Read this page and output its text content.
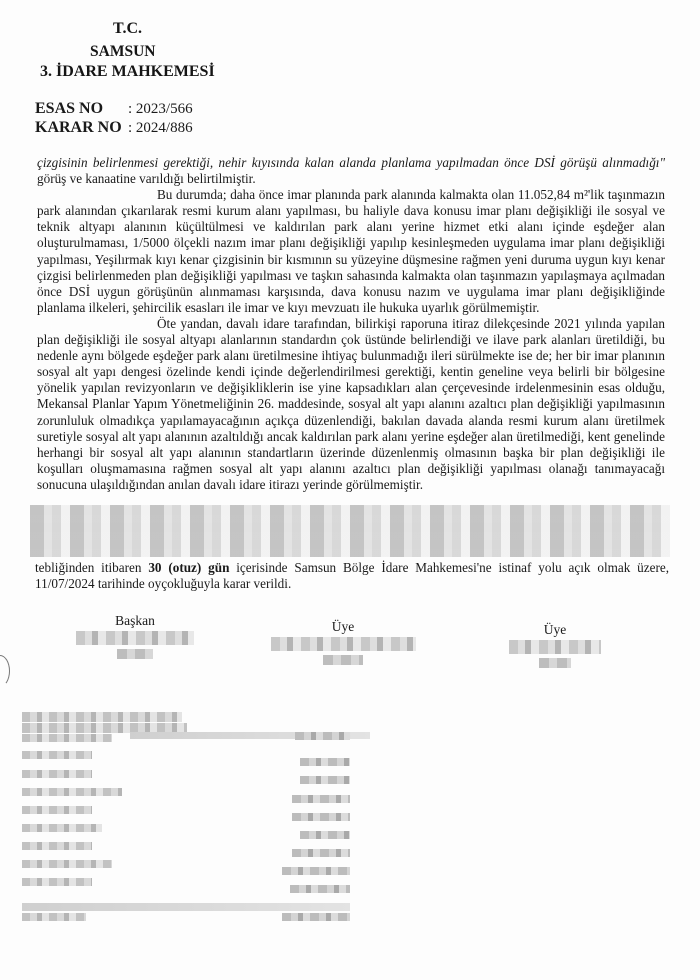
T.C.
SAMSUN
3. İDARE MAHKEMESİ
ESAS NO : 2023/566
KARAR NO : 2024/886

çizgisinin belirlenmesi gerektiği, nehir kıyısında kalan alanda planlama yapılmadan önce DSİ görüşü alınmadığı" görüş ve kanaatine varıldığı belirtilmiştir.

Bu durumda; daha önce imar planında park alanında kalmakta olan 11.052,84 m²'lik taşınmazın park alanından çıkarılarak resmi kurum alanı yapılması, bu haliyle dava konusu imar planı değişikliği ile sosyal ve teknik altyapı alanının küçültülmesi ve kaldırılan park alanı yerine hizmet etki alanı içinde eşdeğer alan oluşturulmaması, 1/5000 ölçekli nazım imar planı değişikliği yapılıp kesinleşmeden uygulama imar planı değişikliği yapılması, Yeşilırmak kıyı kenar çizgisinin bir kısmının su yüzeyine düşmesine rağmen yeni duruma uygun kıyı kenar çizgisi belirlenmeden plan değişikliği yapılması ve taşkın sahasında kalmakta olan taşınmazın yapılaşmaya açılmadan önce DSİ uygun görüşünün alınmaması karşısında, dava konusu nazım ve uygulama imar planı değişikliğinde planlama ilkeleri, şehircilik esasları ile imar ve kıyı mevzuatı ile hukuka uyarlık görülmemiştir.

Öte yandan, davalı idare tarafından, bilirkişi raporuna itiraz dilekçesinde 2021 yılında yapılan plan değişikliği ile sosyal altyapı alanlarının standardın çok üstünde belirlendiği ve ilave park alanları üretildiği, bu nedenle aynı bölgede eşdeğer park alanı üretilmesine ihtiyaç bulunmadığı ileri sürülmekte ise de; her bir imar planının sosyal alt yapı dengesi özelinde kendi içinde değerlendirilmesi gerektiği, kentin geneline veya belirli bir bölgesine yönelik yapılan revizyonların ve değişikliklerin ise yine kapsadıkları alan çerçevesinde irdelenmesinin esas olduğu, Mekansal Planlar Yapım Yönetmeliğinin 26. maddesinde, sosyal alt yapı alanını azaltıcı plan değişikliği yapılmasının zorunluluk olmadıkça yapılamayacağının açıkça düzenlendiği, bakılan davada alanda resmi kurum alanı üretilmek suretiyle sosyal alt yapı alanının azaltıldığı ancak kaldırılan park alanı yerine eşdeğer alan üretilmediği, kent genelinde herhangi bir sosyal alt yapı alanının standartların üzerinde düzenlenmiş olmasının başka bir plan değişikliği ile koşulları oluşmamasına rağmen sosyal alt yapı alanını azaltıcı plan değişikliği yapılması olanağı tanımayacağı sonucuna ulaşıldığından anılan davalı idare itirazı yerinde görülmemiştir.

tebliğinden itibaren 30 (otuz) gün içerisinde Samsun Bölge İdare Mahkemesi'ne istinaf yolu açık olmak üzere, 11/07/2024 tarihinde oyçokluğuyla karar verildi.
Başkan	Üye	Üye
